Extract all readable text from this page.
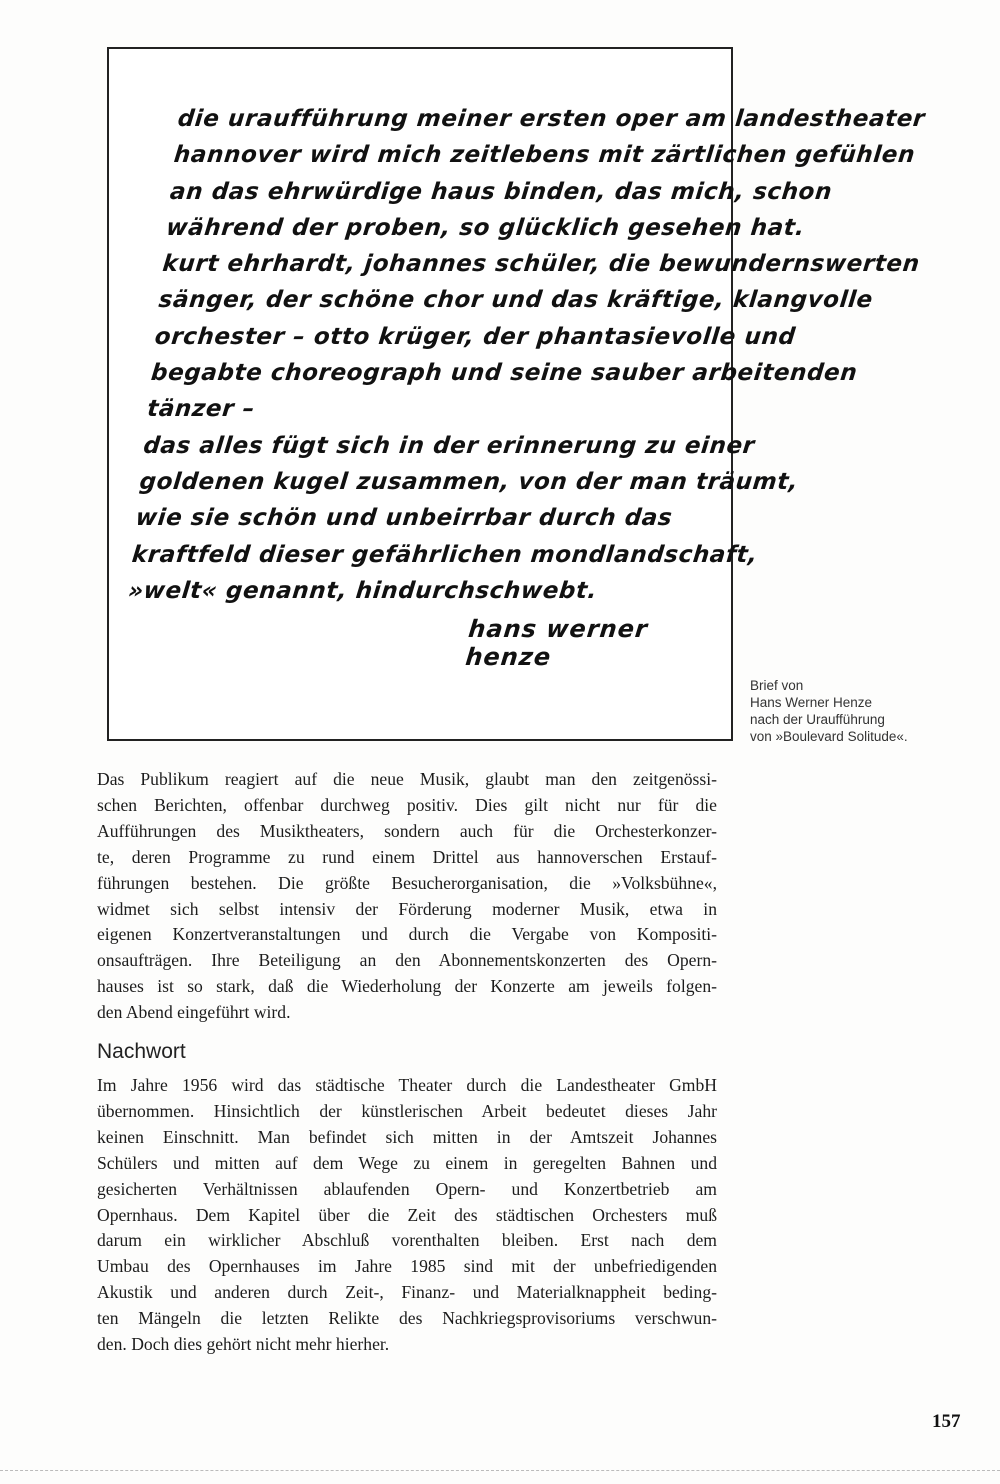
die uraufführung meiner ersten oper am landestheater
hannover wird mich zeitlebens mit zärtlichen gefühlen
an das ehrwürdige haus binden, das mich, schon
während der proben, so glücklich gesehen hat.
kurt ehrhardt, johannes schüler, die bewundernswerten
sänger, der schöne chor und das kräftige, klangvolle
orchester – otto krüger, der phantasievolle und
begabte choreograph und seine sauber arbeitenden
tänzer –
das alles fügt sich in der erinnerung zu einer
goldenen kugel zusammen, von der man träumt,
wie sie schön und unbeirrbar durch das
kraftfeld dieser gefährlichen mondlandschaft,
»welt« genannt, hindurchschwebt.
hans werner henze
Brief von
Hans Werner Henze
nach der Uraufführung
von »Boulevard Solitude«.
Das Publikum reagiert auf die neue Musik, glaubt man den zeitgenössi-
schen Berichten, offenbar durchweg positiv. Dies gilt nicht nur für die
Aufführungen des Musiktheaters, sondern auch für die Orchesterkonzer-
te, deren Programme zu rund einem Drittel aus hannoverschen Erstauf-
führungen bestehen. Die größte Besucherorganisation, die »Volksbühne«,
widmet sich selbst intensiv der Förderung moderner Musik, etwa in
eigenen Konzertveranstaltungen und durch die Vergabe von Kompositi-
onsaufträgen. Ihre Beteiligung an den Abonnementskonzerten des Opern-
hauses ist so stark, daß die Wiederholung der Konzerte am jeweils folgen-
den Abend eingeführt wird.
Nachwort
Im Jahre 1956 wird das städtische Theater durch die Landestheater GmbH
übernommen. Hinsichtlich der künstlerischen Arbeit bedeutet dieses Jahr
keinen Einschnitt. Man befindet sich mitten in der Amtszeit Johannes
Schülers und mitten auf dem Wege zu einem in geregelten Bahnen und
gesicherten Verhältnissen ablaufenden Opern- und Konzertbetrieb am
Opernhaus. Dem Kapitel über die Zeit des städtischen Orchesters muß
darum ein wirklicher Abschluß vorenthalten bleiben. Erst nach dem
Umbau des Opernhauses im Jahre 1985 sind mit der unbefriedigenden
Akustik und anderen durch Zeit-, Finanz- und Materialknappheit beding-
ten Mängeln die letzten Relikte des Nachkriegsprovisoriums verschwun-
den. Doch dies gehört nicht mehr hierher.
157
